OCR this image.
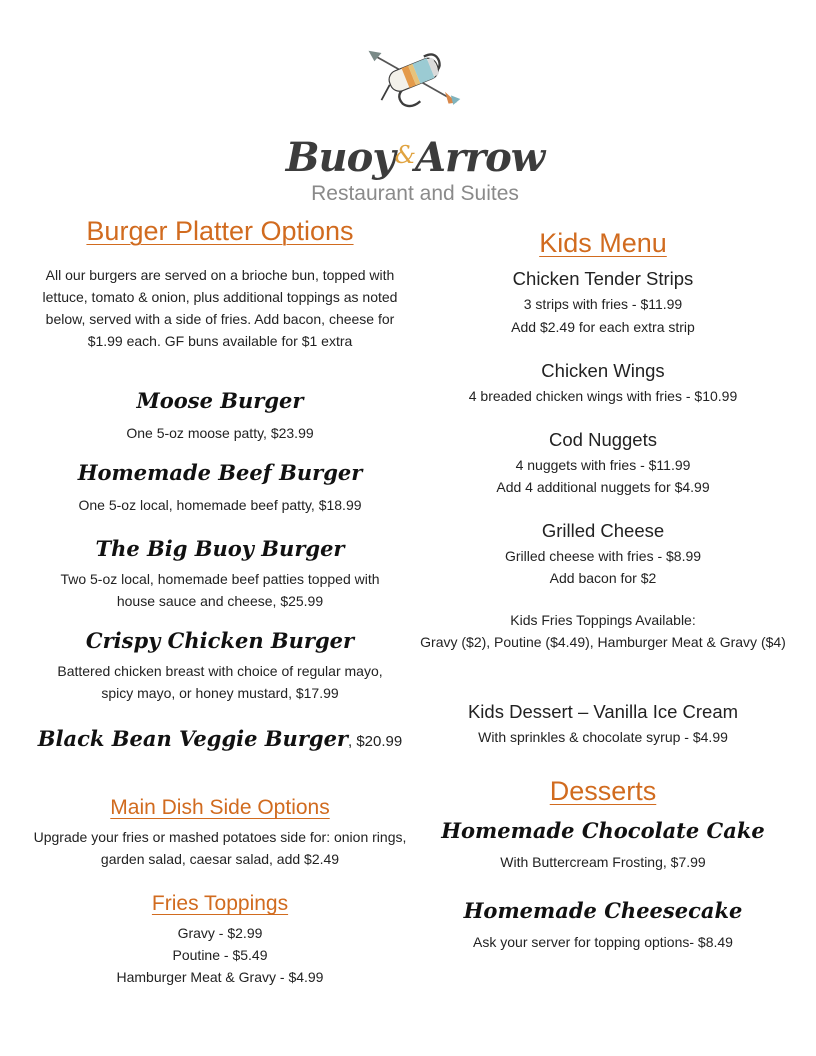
Buoy&Arrow
Restaurant and Suites
Burger Platter Options
All our burgers are served on a brioche bun, topped with lettuce, tomato & onion, plus additional toppings as noted below, served with a side of fries. Add bacon, cheese for $1.99 each. GF buns available for $1 extra
Moose Burger
One 5-oz moose patty, $23.99
Homemade Beef Burger
One 5-oz local, homemade beef patty, $18.99
The Big Buoy Burger
Two 5-oz local, homemade beef patties topped with house sauce and cheese, $25.99
Crispy Chicken Burger
Battered chicken breast with choice of regular mayo, spicy mayo, or honey mustard, $17.99
Black Bean Veggie Burger, $20.99
Main Dish Side Options
Upgrade your fries or mashed potatoes side for: onion rings, garden salad, caesar salad, add $2.49
Fries Toppings
Gravy - $2.99
Poutine - $5.49
Hamburger Meat & Gravy - $4.99
Kids Menu
Chicken Tender Strips
3 strips with fries - $11.99
Add $2.49 for each extra strip
Chicken Wings
4 breaded chicken wings with fries - $10.99
Cod Nuggets
4 nuggets with fries - $11.99
Add 4 additional nuggets for $4.99
Grilled Cheese
Grilled cheese with fries - $8.99
Add bacon for $2
Kids Fries Toppings Available:
Gravy ($2), Poutine ($4.49), Hamburger Meat & Gravy ($4)
Kids Dessert – Vanilla Ice Cream
With sprinkles & chocolate syrup - $4.99
Desserts
Homemade Chocolate Cake
With Buttercream Frosting, $7.99
Homemade Cheesecake
Ask your server for topping options- $8.49
